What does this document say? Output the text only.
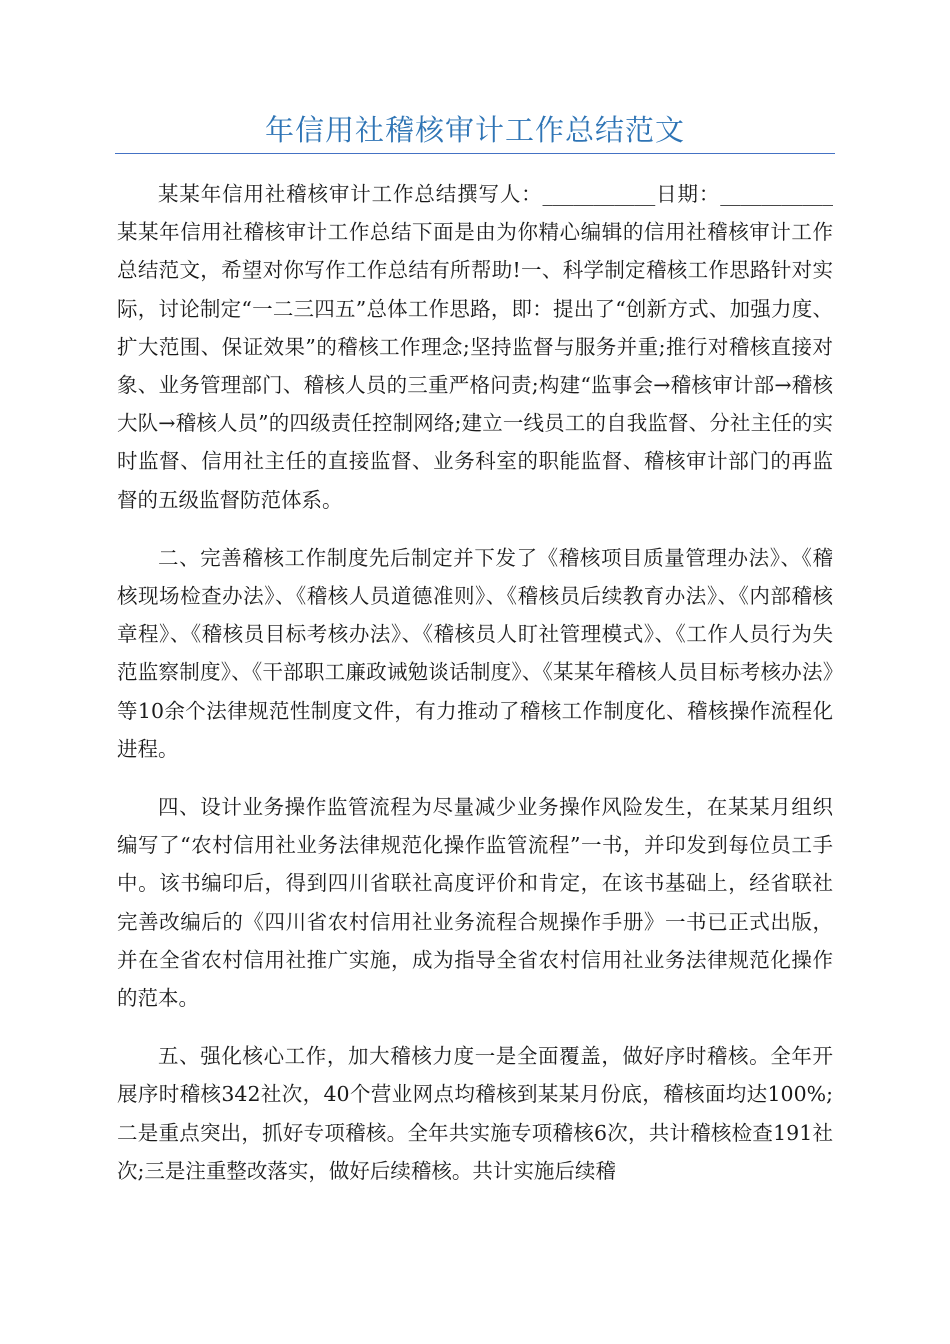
年信用社稽核审计工作总结范文

某某年信用社稽核审计工作总结撰写人：___________日期：___________某某年信用社稽核审计工作总结下面是由为你精心编辑的信用社稽核审计工作总结范文，希望对你写作工作总结有所帮助!一、科学制定稽核工作思路针对实际，讨论制定“一二三四五”总体工作思路，即：提出了“创新方式、加强力度、扩大范围、保证效果”的稽核工作理念;坚持监督与服务并重;推行对稽核直接对象、业务管理部门、稽核人员的三重严格问责;构建“监事会→稽核审计部→稽核大队→稽核人员”的四级责任控制网络;建立一线员工的自我监督、分社主任的实时监督、信用社主任的直接监督、业务科室的职能监督、稽核审计部门的再监督的五级监督防范体系。

二、完善稽核工作制度先后制定并下发了《稽核项目质量管理办法》、《稽核现场检查办法》、《稽核人员道德准则》、《稽核员后续教育办法》、《内部稽核章程》、《稽核员目标考核办法》、《稽核员人盯社管理模式》、《工作人员行为失范监察制度》、《干部职工廉政诫勉谈话制度》、《某某年稽核人员目标考核办法》等10余个法律规范性制度文件，有力推动了稽核工作制度化、稽核操作流程化进程。

四、设计业务操作监管流程为尽量减少业务操作风险发生，在某某月组织编写了“农村信用社业务法律规范化操作监管流程”一书，并印发到每位员工手中。该书编印后，得到四川省联社高度评价和肯定，在该书基础上，经省联社完善改编后的《四川省农村信用社业务流程合规操作手册》一书已正式出版，并在全省农村信用社推广实施，成为指导全省农村信用社业务法律规范化操作的范本。

五、强化核心工作，加大稽核力度一是全面覆盖，做好序时稽核。全年开展序时稽核342社次，40个营业网点均稽核到某某月份底，稽核面均达100%;二是重点突出，抓好专项稽核。全年共实施专项稽核6次，共计稽核检查191社次;三是注重整改落实，做好后续稽核。共计实施后续稽
